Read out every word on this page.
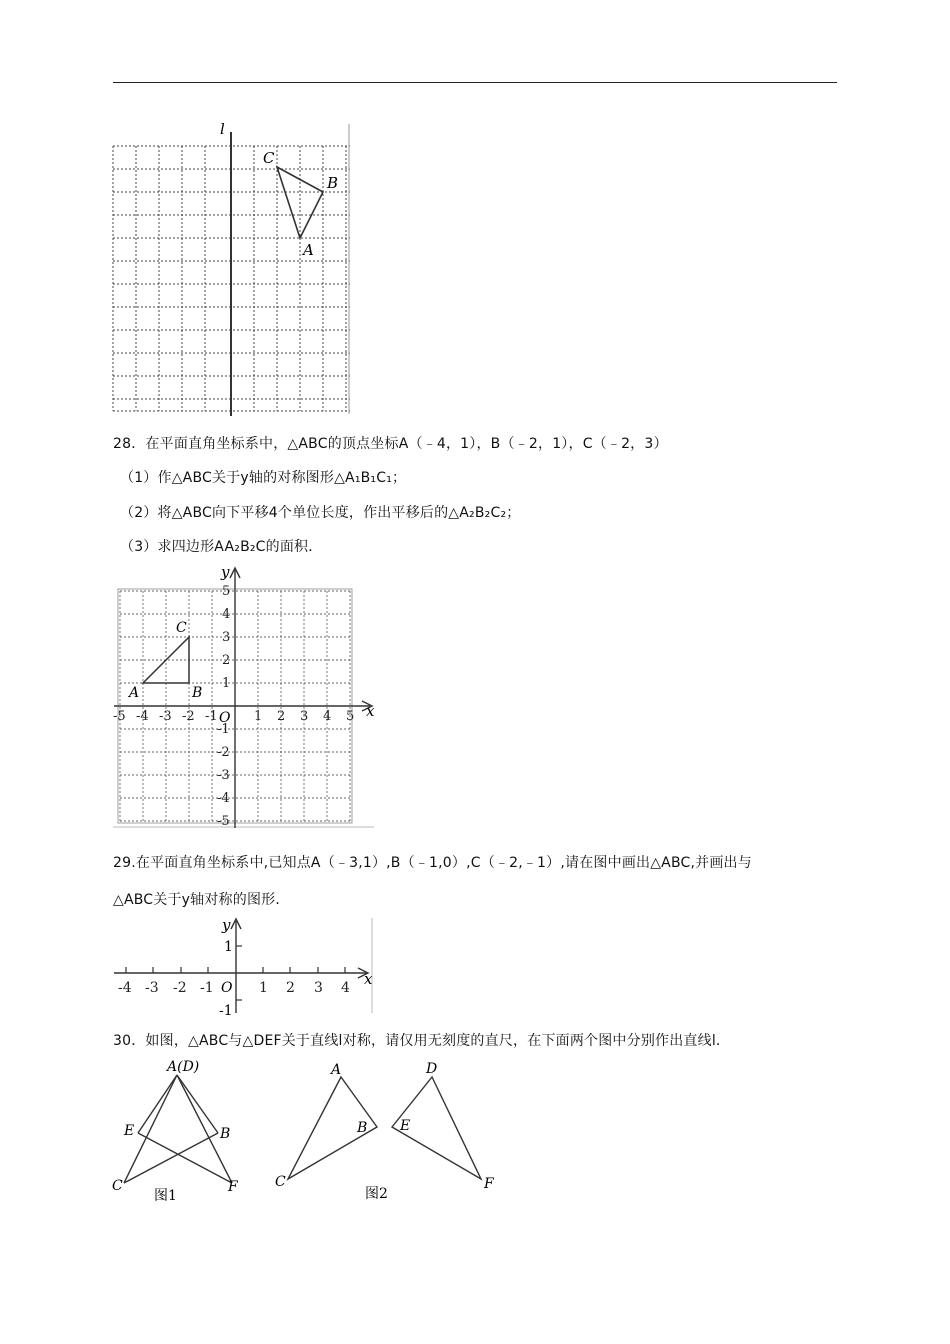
l
C
B
A
28．在平面直角坐标系中，△ABC的顶点坐标A（﹣4，1），B（﹣2，1），C（﹣2，3）
（1）作△ABC关于y轴的对称图形△A₁B₁C₁；
（2）将△ABC向下平移4个单位长度，作出平移后的△A₂B₂C₂；
（3）求四边形AA₂B₂C的面积．
x
y
O
-5 -4 -3 -2 -1	1 2 3 4 5
5
4
3
2
1
-1
-2
-3
-4
-5
A	B
C
29.在平面直角坐标系中,已知点A（﹣3,1）,B（﹣1,0）,C（﹣2,﹣1）,请在图中画出△ABC,并画出与
△ABC关于y轴对称的图形．
x
y
O
-4 -3 -2 -1	1 2 3 4
1
-1
30．如图，△ABC与△DEF关于直线l对称，请仅用无刻度的直尺，在下面两个图中分别作出直线l．
A(D)
E	B
C	F
图1
A
B
C
D
E
F
图2
